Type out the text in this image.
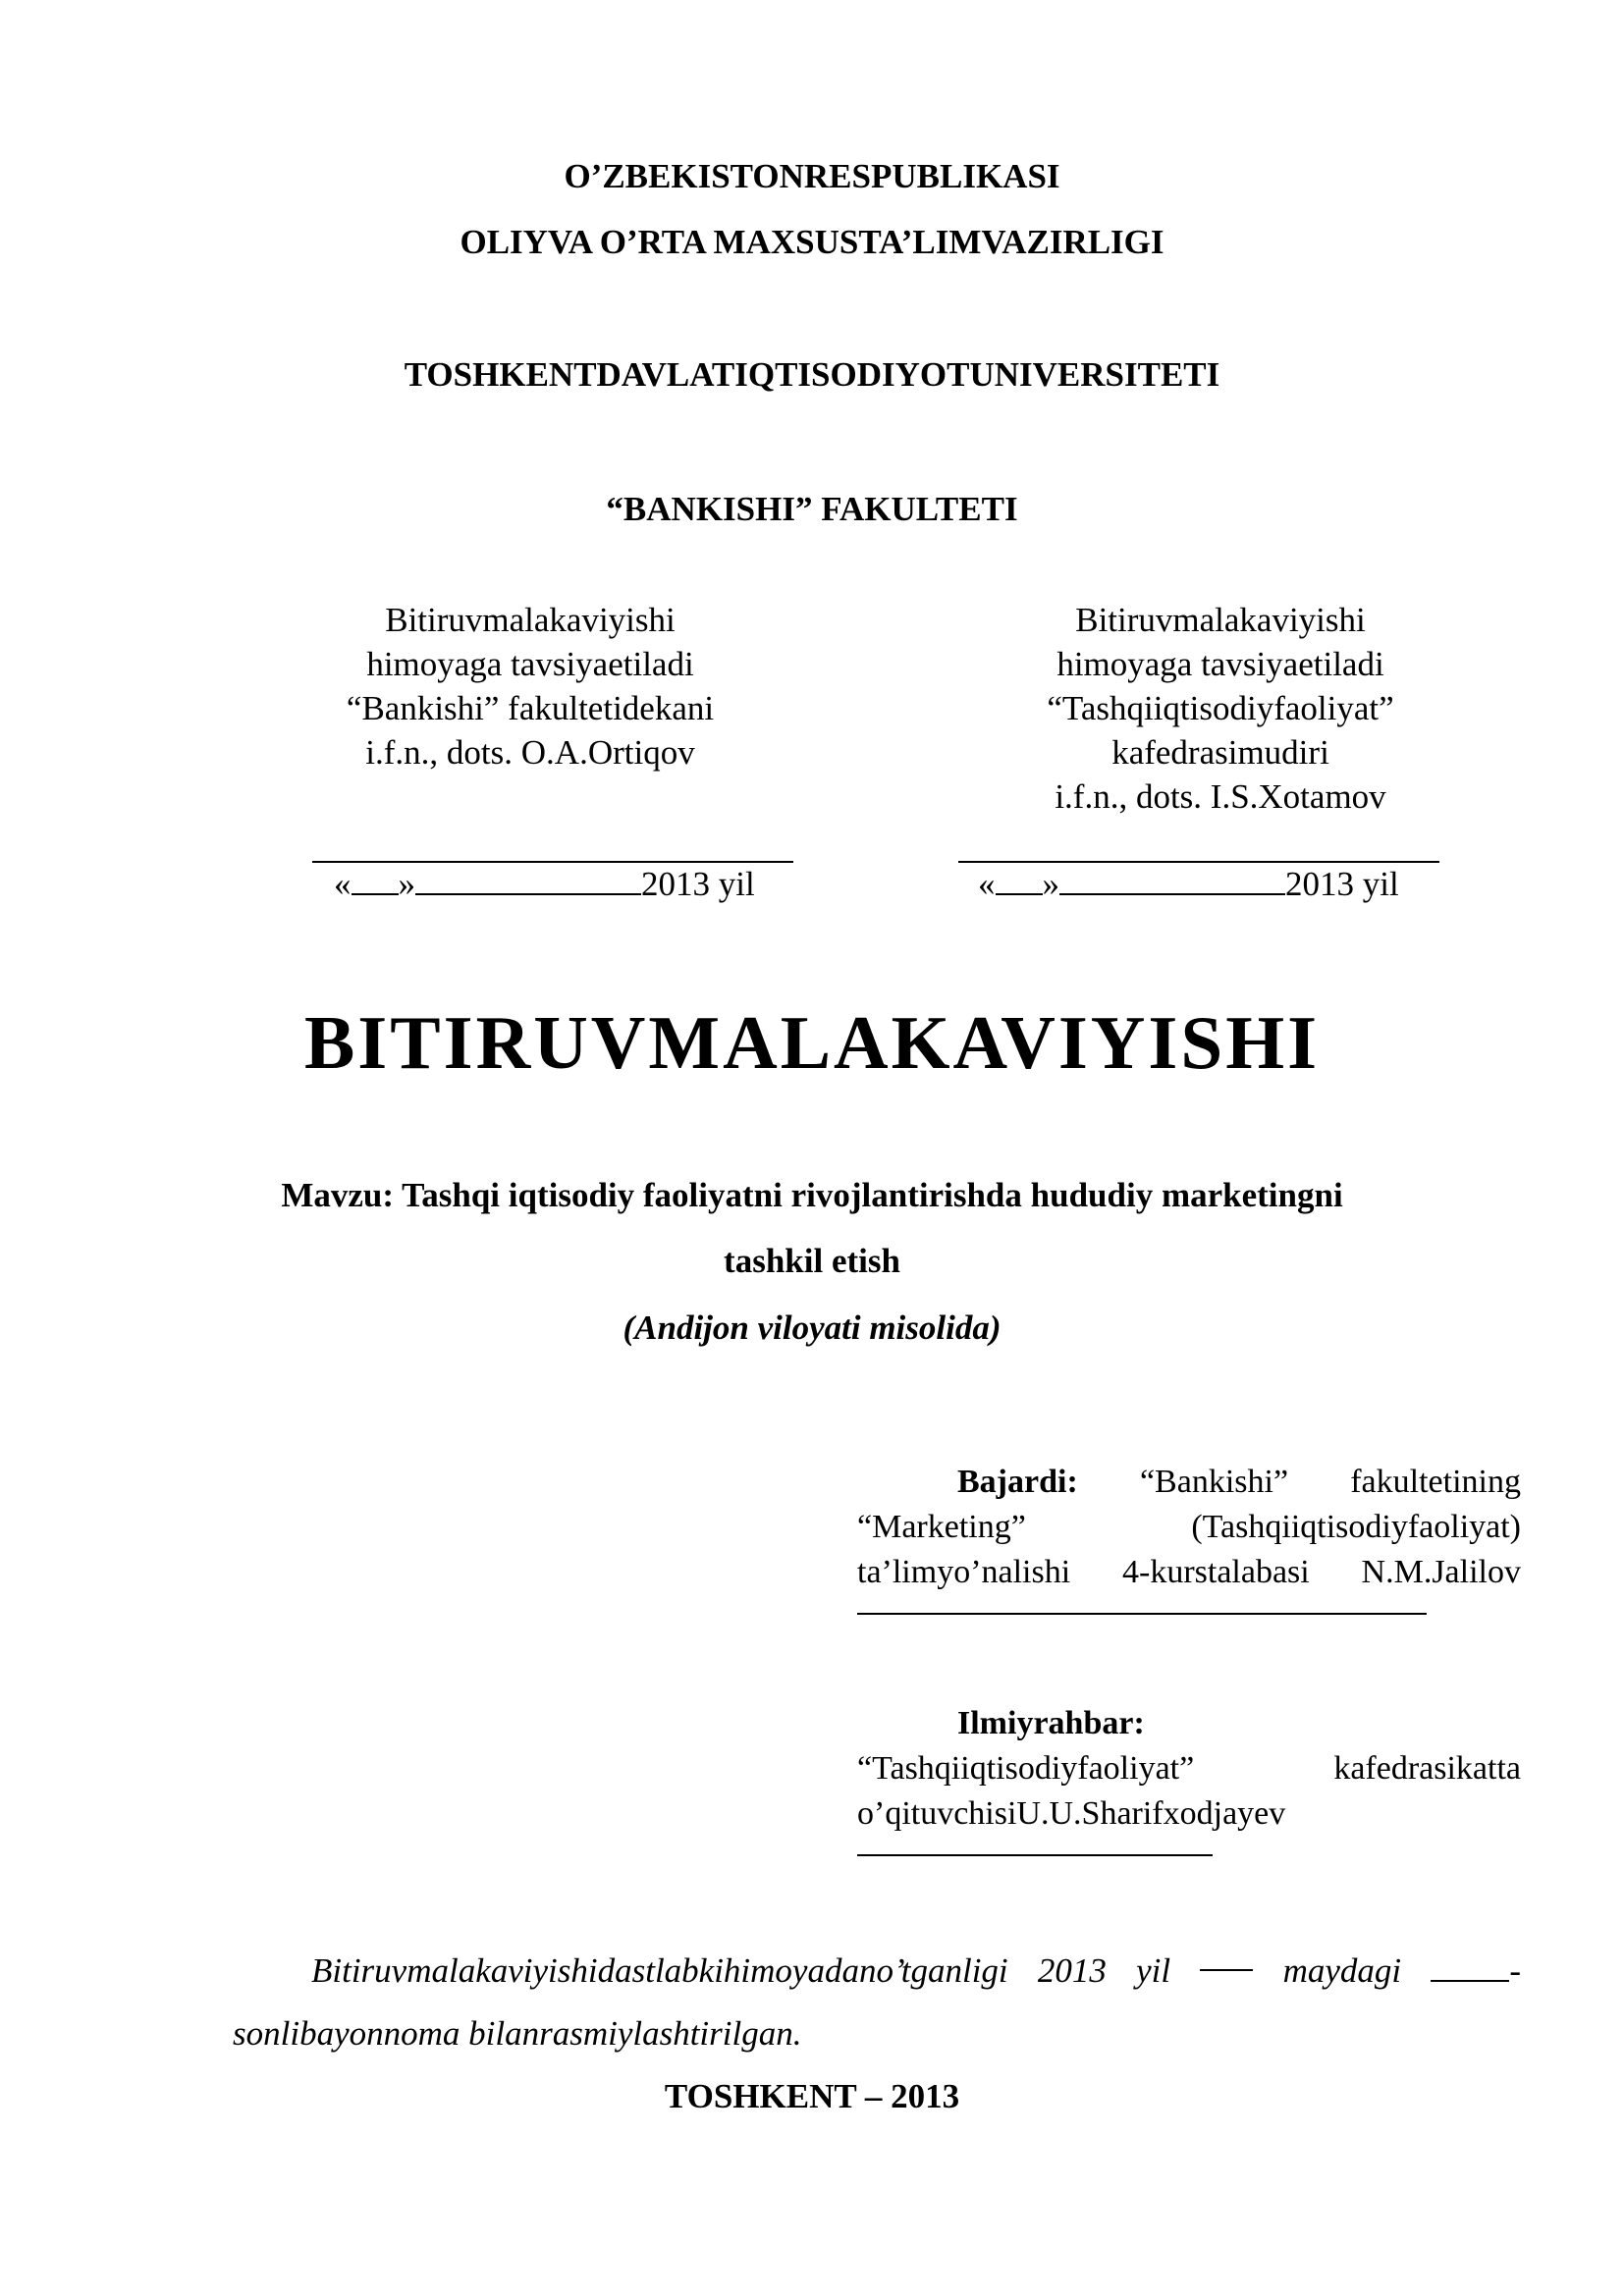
O’ZBEKISTONRESPUBLIKASI
OLIYVA O’RTA MAXSUSTA’LIMVAZIRLIGI
TOSHKENTDAVLATIQTISODIYOTUNIVERSITETI
“BANKISHI” FAKULTETI
Bitiruvmalakaviyishi
himoyaga tavsiyaetiladi
“Bankishi” fakultetidekani
i.f.n., dots. O.A.Ortiqov
« »	2013 yil
Bitiruvmalakaviyishi
himoyaga tavsiyaetiladi
“Tashqiiqtisodiyfaoliyat”
kafedrasimudiri
i.f.n., dots. I.S.Xotamov
« »	2013 yil
BITIRUVMALAKAVIYISHI
Mavzu: Tashqi iqtisodiy faoliyatni rivojlantirishda hududiy marketingni
tashkil etish
(Andijon viloyati misolida)
Bajardi: “Bankishi” fakultetining
“Marketing”	(Tashqiiqtisodiyfaoliyat)
ta’limyo’nalishi 4-kurstalabasi N.M.Jalilov
Ilmiyrahbar:
“Tashqiiqtisodiyfaoliyat”	kafedrasikatta
o’qituvchisiU.U.Sharifxodjayev
Bitiruvmalakaviyishidastlabkihimoyadano’tganligi 2013 yil	maydagi	-
sonlibayonnoma bilanrasmiylashtirilgan.
TOSHKENT – 2013
